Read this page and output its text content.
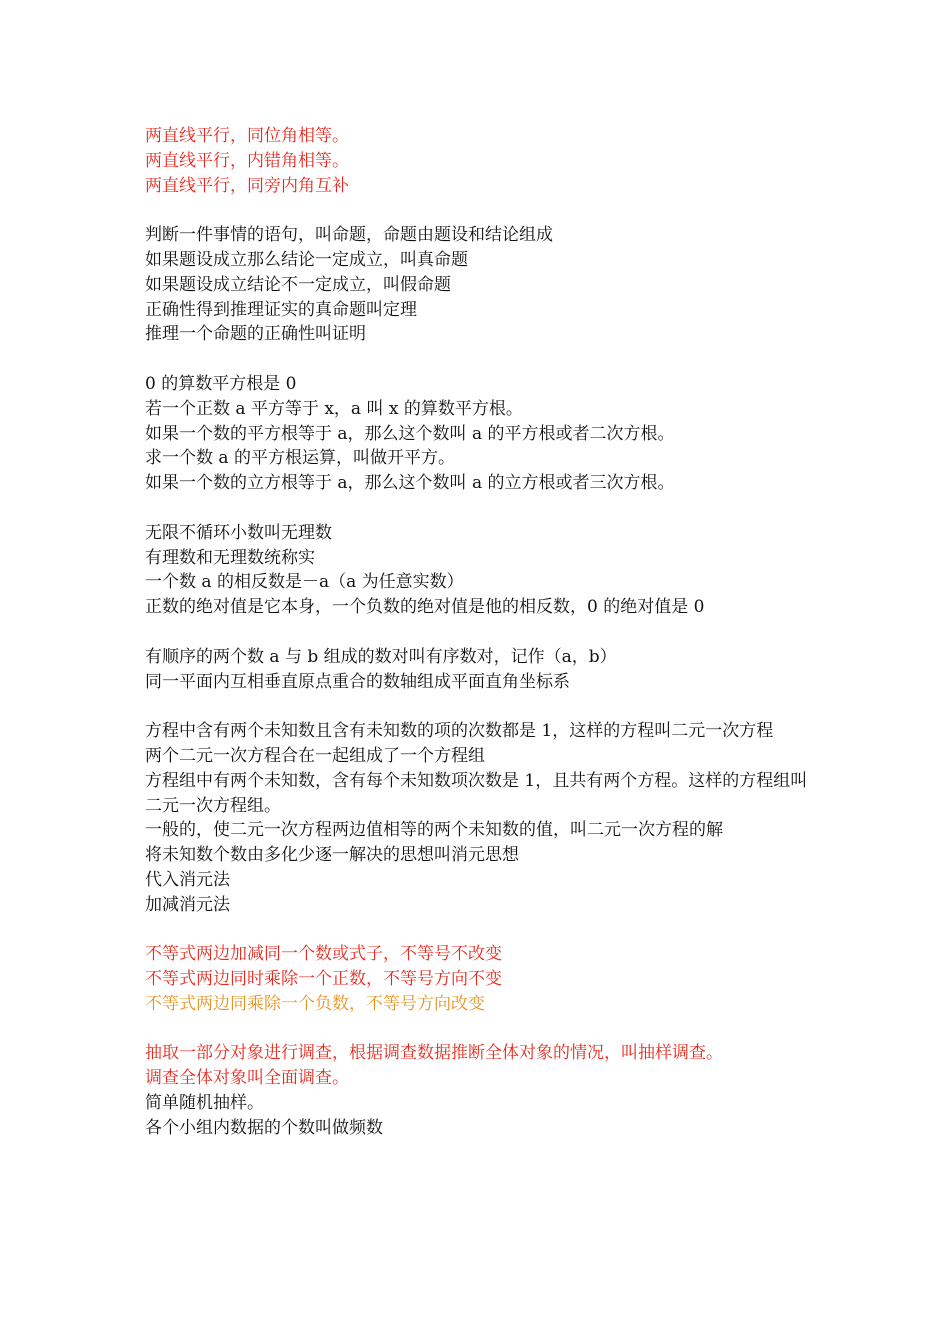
两直线平行，同位角相等。
两直线平行，内错角相等。
两直线平行，同旁内角互补
判断一件事情的语句，叫命题，命题由题设和结论组成
如果题设成立那么结论一定成立，叫真命题
如果题设成立结论不一定成立，叫假命题
正确性得到推理证实的真命题叫定理
推理一个命题的正确性叫证明
0 的算数平方根是 0
若一个正数 a 平方等于 x，a 叫 x 的算数平方根。
如果一个数的平方根等于 a，那么这个数叫 a 的平方根或者二次方根。
求一个数 a 的平方根运算，叫做开平方。
如果一个数的立方根等于 a，那么这个数叫 a 的立方根或者三次方根。
无限不循环小数叫无理数
有理数和无理数统称实
一个数 a 的相反数是－a（a 为任意实数）
正数的绝对值是它本身，一个负数的绝对值是他的相反数，0 的绝对值是 0
有顺序的两个数 a 与 b 组成的数对叫有序数对，记作（a，b）
同一平面内互相垂直原点重合的数轴组成平面直角坐标系
方程中含有两个未知数且含有未知数的项的次数都是 1，这样的方程叫二元一次方程
两个二元一次方程合在一起组成了一个方程组
方程组中有两个未知数，含有每个未知数项次数是 1，且共有两个方程。这样的方程组叫二元一次方程组。
一般的，使二元一次方程两边值相等的两个未知数的值，叫二元一次方程的解
将未知数个数由多化少逐一解决的思想叫消元思想
代入消元法
加减消元法
不等式两边加减同一个数或式子，不等号不改变
不等式两边同时乘除一个正数，不等号方向不变
不等式两边同乘除一个负数，不等号方向改变
抽取一部分对象进行调查，根据调查数据推断全体对象的情况，叫抽样调查。
调查全体对象叫全面调查。
简单随机抽样。
各个小组内数据的个数叫做频数
